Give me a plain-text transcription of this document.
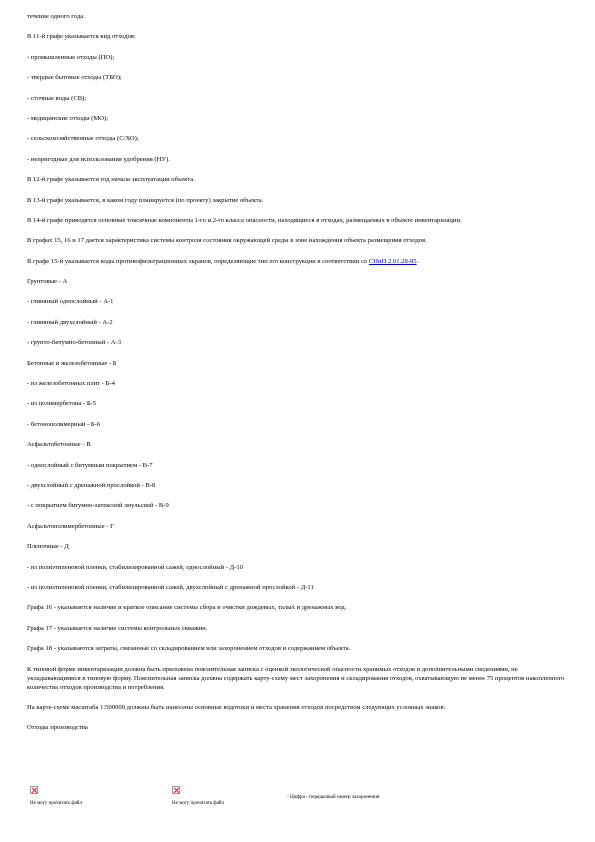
течение одного года.

В 11-й графе указывается вид отходов:

- промышленные отходы (ПО);

- твердые бытовые отходы (ТБО);

- сточные воды (СВ);

- медицинские отходы (МО);

- сельскохозяйственные отходы (С/ХО);

- непригодные для использования удобрения (НУ).

В 12-й графе указывается год начала эксплуатации объекта.

В 13-й графе указывается, в каком году планируется (по проекту) закрытие объекта.

В 14-й графе приводятся основные токсичные компоненты 1-го и 2-го класса опасности, находящиеся в отходах, размещаемых в объекте инвентаризации.

В графах 15, 16 и 17 дается характеристика системы контроля состояния окружающей среды в зоне нахождения объекта размещения отходов.

В графе 15-й указывается коды противофильтрационных экранов, определяющие тип его конструкции в соответствии со СНиП 2.01.28-85.

Грунтовые - А

- глиняный однослойный - А-1

- глиняный двухслойный - А-2

- грунто-битумно-бетонный - А-3

Бетонные и железобетонные - Б

- из железобетонных плит - Б-4

- из полимербетона - Б-5

- бетонополимерный - Б-6

Асфальтобетонные - В

- однослойный с битумным покрытием - В-7

- двухслойный с дренажной прослойкой - В-8

- с покрытием битумно-латексной эмульсией - В-9

Асфальтополимербетонные - Г

Пленочные - Д

- из полиэтиленовой пленки, стабилизированной сажей, однослойный - Д-10

- из полиэтиленовой пленки, стабилизированной сажей, двухслойный с дренажной прослойкой - Д-11

Графа 16 - указывается наличие и краткое описание системы сбора и очистки дождевых, талых и дренажных вод.

Графа 17 - указывается наличие системы контрольных скважин.

Графа 18 - указываются затраты, связанные со складированием или захоронением отходов и содержанием объекта.

К типовой форме инвентаризации должна быть приложена пояснительная записка с оценкой экологической опасности хранимых отходов и дополнительными сведениями, не укладывающимися в типовую форму. Пояснительная записка должна содержать карту-схему мест захоронения и складирования отходов, охватывающую не менее 75 процентов накопленного количества отходов производства и потребления.

На карте-схеме масштаба 1:500000 должны быть нанесены основные водотоки и места хранения отходов посредством следующих условных знаков:

Отходы производства

Не могу прочитать файл	Не могу прочитать файл
- Цифра - порядковый номер захоронения
